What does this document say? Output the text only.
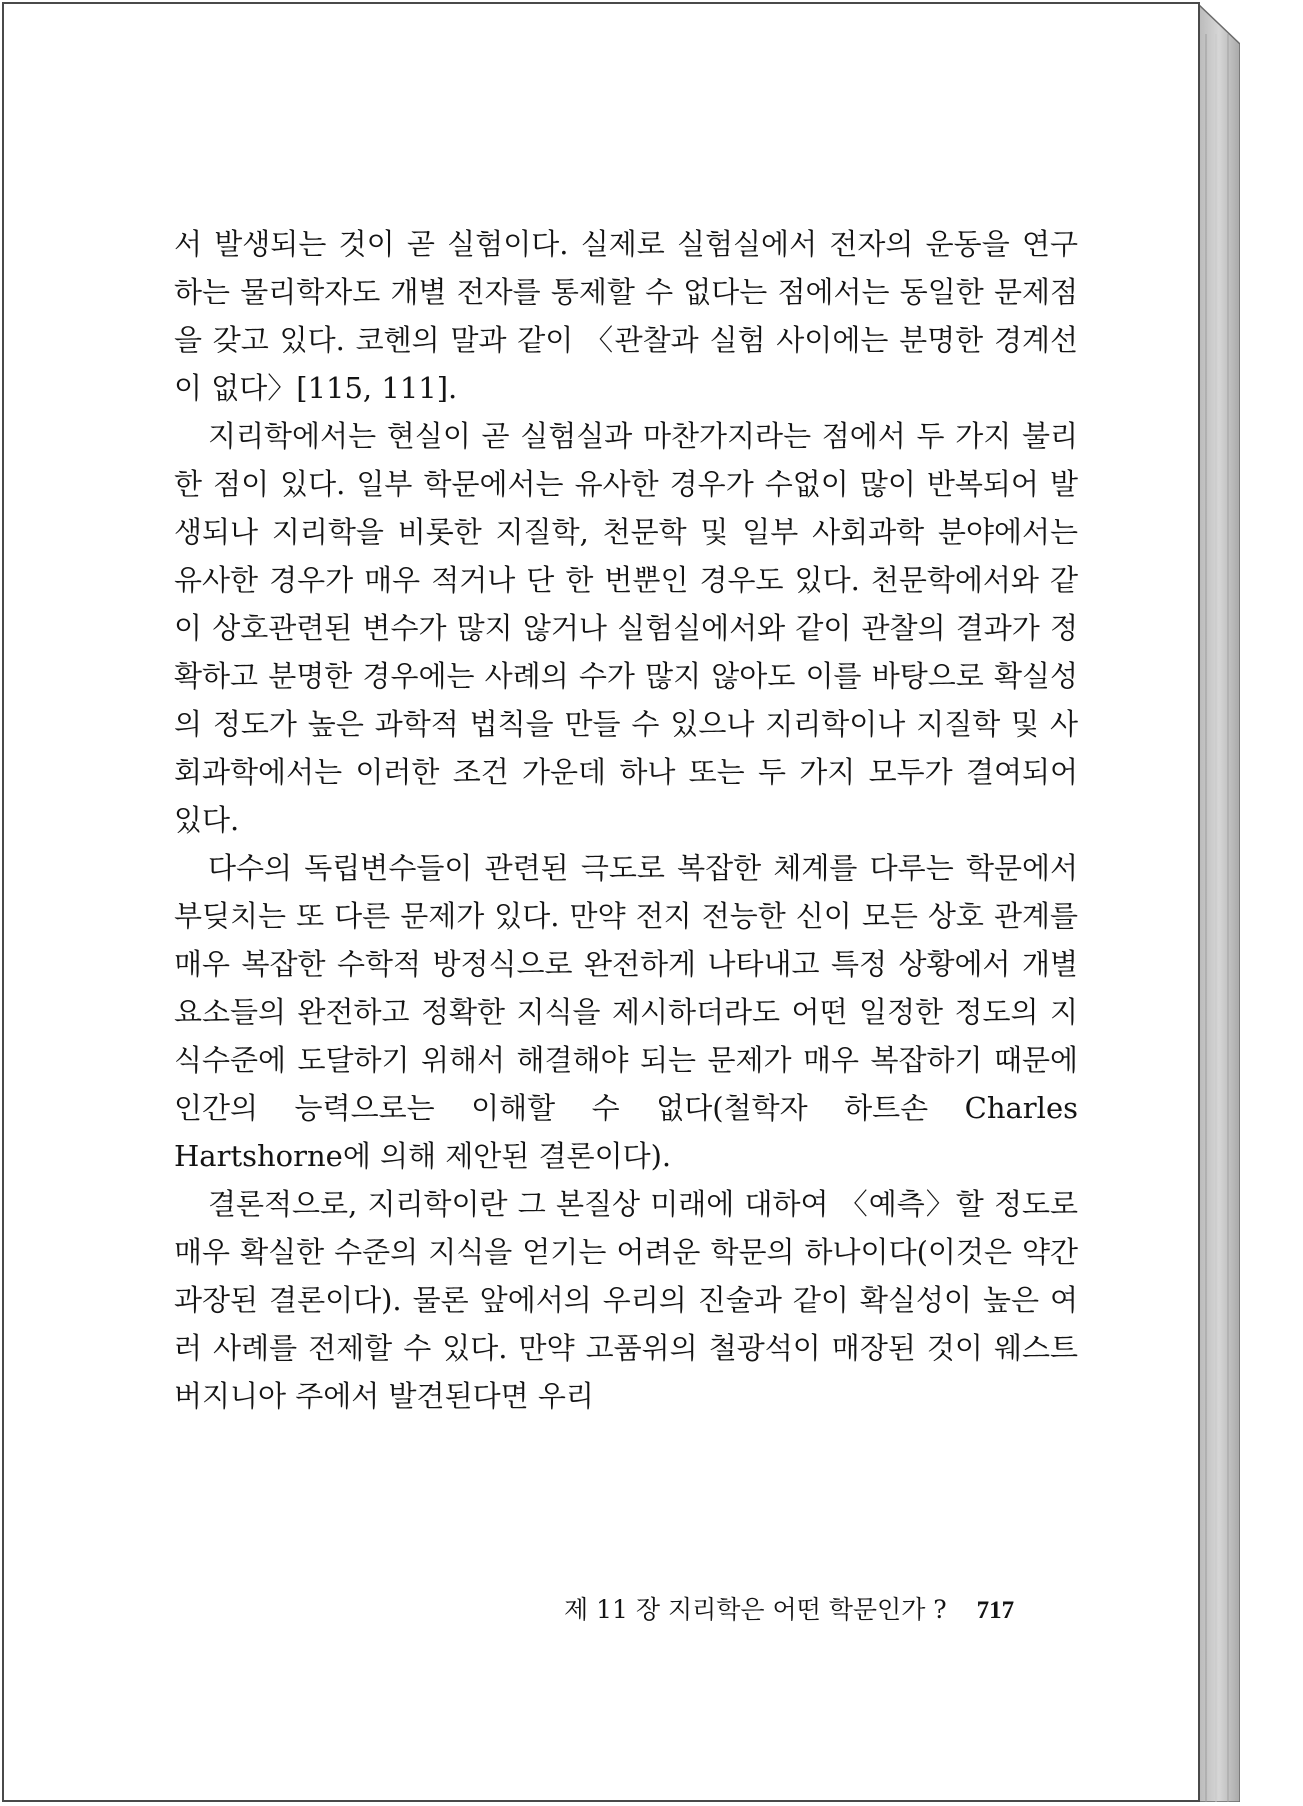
서 발생되는 것이 곧 실험이다. 실제로 실험실에서 전자의 운동을 연구하는 물리학자도 개별 전자를 통제할 수 없다는 점에서는 동일한 문제점을 갖고 있다. 코헨의 말과 같이 〈관찰과 실험 사이에는 분명한 경계선이 없다〉[115, 111].

지리학에서는 현실이 곧 실험실과 마찬가지라는 점에서 두 가지 불리한 점이 있다. 일부 학문에서는 유사한 경우가 수없이 많이 반복되어 발생되나 지리학을 비롯한 지질학, 천문학 및 일부 사회과학 분야에서는 유사한 경우가 매우 적거나 단 한 번뿐인 경우도 있다. 천문학에서와 같이 상호관련된 변수가 많지 않거나 실험실에서와 같이 관찰의 결과가 정확하고 분명한 경우에는 사례의 수가 많지 않아도 이를 바탕으로 확실성의 정도가 높은 과학적 법칙을 만들 수 있으나 지리학이나 지질학 및 사회과학에서는 이러한 조건 가운데 하나 또는 두 가지 모두가 결여되어 있다.

다수의 독립변수들이 관련된 극도로 복잡한 체계를 다루는 학문에서 부딪치는 또 다른 문제가 있다. 만약 전지 전능한 신이 모든 상호 관계를 매우 복잡한 수학적 방정식으로 완전하게 나타내고 특정 상황에서 개별 요소들의 완전하고 정확한 지식을 제시하더라도 어떤 일정한 정도의 지식수준에 도달하기 위해서 해결해야 되는 문제가 매우 복잡하기 때문에 인간의 능력으로는 이해할 수 없다(철학자 하트손 Charles Hartshorne에 의해 제안된 결론이다).

결론적으로, 지리학이란 그 본질상 미래에 대하여 〈예측〉할 정도로 매우 확실한 수준의 지식을 얻기는 어려운 학문의 하나이다(이것은 약간 과장된 결론이다). 물론 앞에서의 우리의 진술과 같이 확실성이 높은 여러 사례를 전제할 수 있다. 만약 고품위의 철광석이 매장된 것이 웨스트 버지니아 주에서 발견된다면 우리

제 11 장 지리학은 어떤 학문인가 ? 717
